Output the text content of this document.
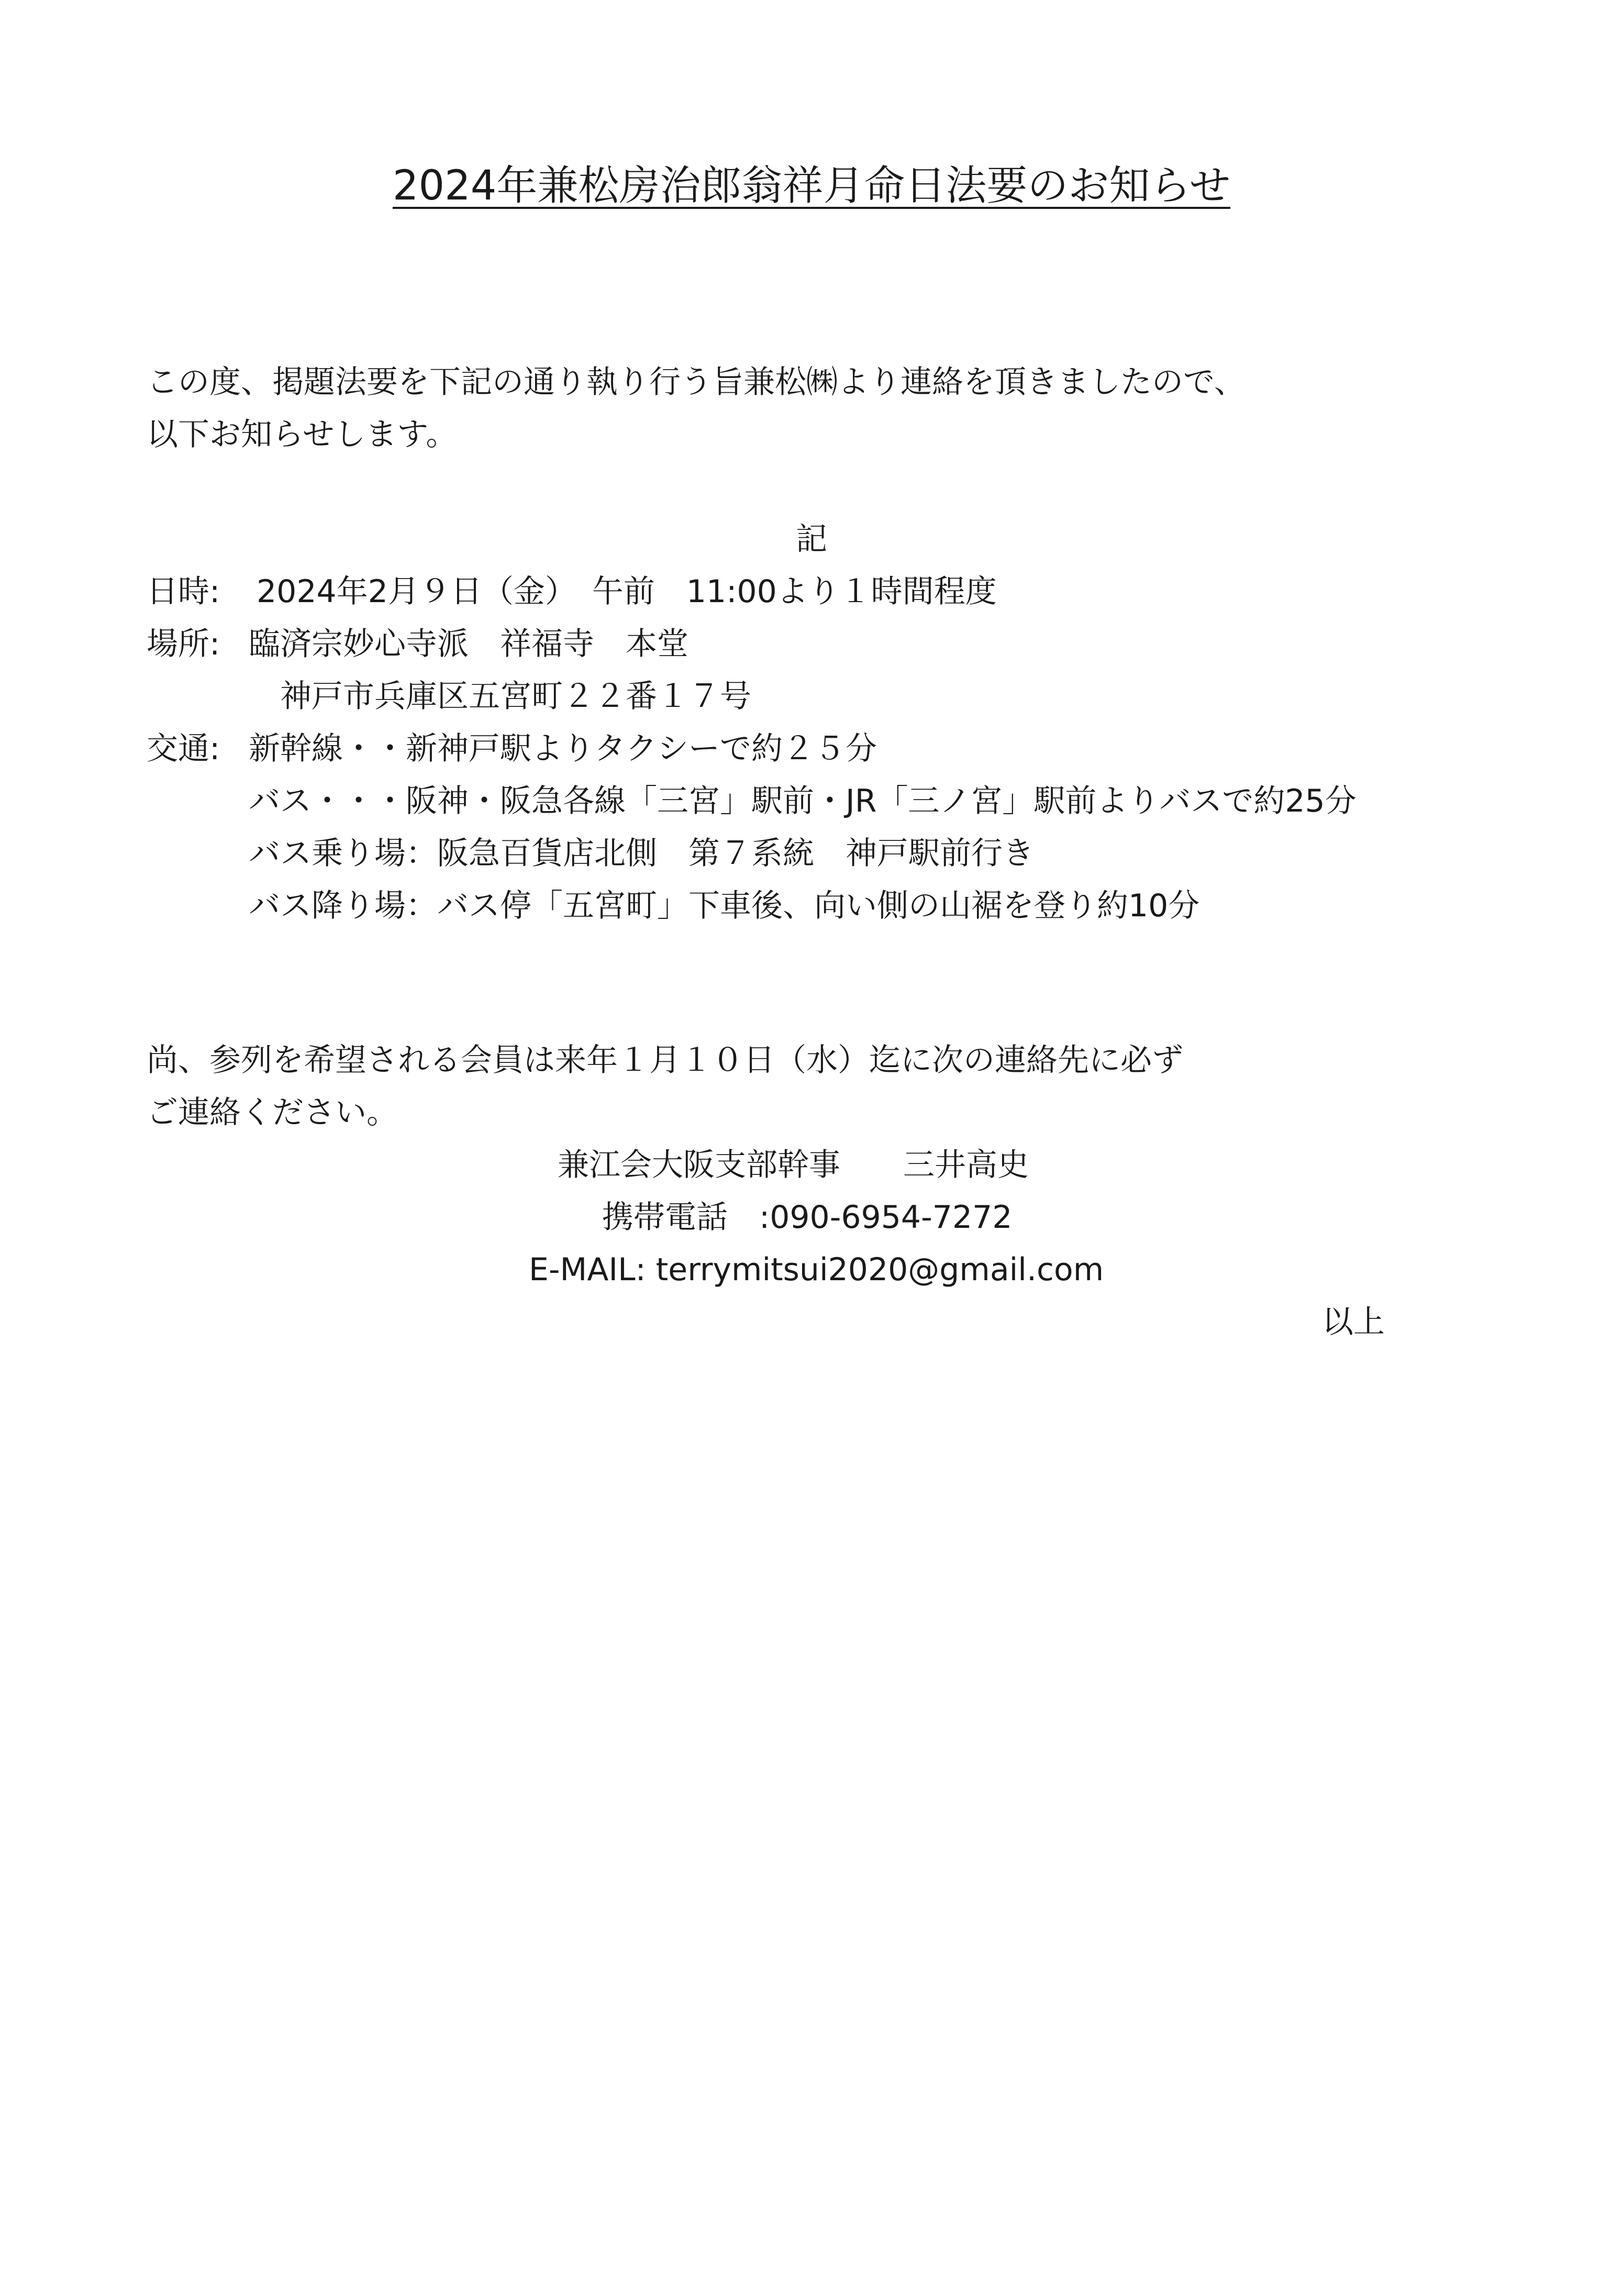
2024年兼松房治郎翁祥月命日法要のお知らせ
この度、掲題法要を下記の通り執り行う旨兼松㈱より連絡を頂きましたので、
以下お知らせします。
記
日時: 2024年2月９日（金）　午前　11:00より１時間程度
場所: 臨済宗妙心寺派　祥福寺　本堂
神戸市兵庫区五宮町２２番１７号
交通: 新幹線・・新神戸駅よりタクシーで約２５分
バス・・・阪神・阪急各線「三宮」駅前・JR「三ノ宮」駅前よりバスで約25分
バス乗り場：阪急百貨店北側　第７系統　神戸駅前行き
バス降り場：バス停「五宮町」下車後、向い側の山裾を登り約10分
尚、参列を希望される会員は来年１月１０日（水）迄に次の連絡先に必ず
ご連絡ください。
兼江会大阪支部幹事　　三井高史
携帯電話　:090-6954-7272
E-MAIL: terrymitsui2020@gmail.com
以上
